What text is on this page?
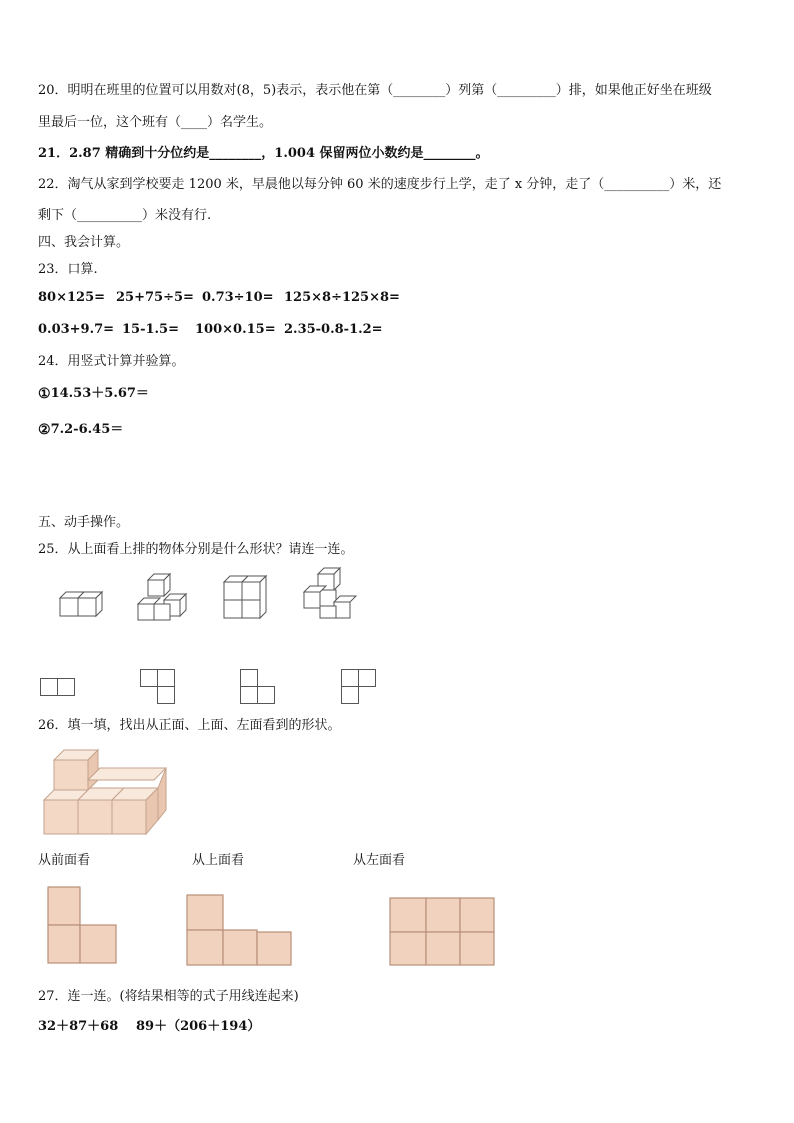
20．明明在班里的位置可以用数对(8，5)表示，表示他在第（________）列第（_________）排，如果他正好坐在班级
里最后一位，这个班有（____）名学生。
21．2.87 精确到十分位约是________，1.004 保留两位小数约是________。
22．淘气从家到学校要走 1200 米，早晨他以每分钟 60 米的速度步行上学，走了 x 分钟，走了（__________）米，还
剩下（__________）米没有行.
四、我会计算。
23．口算.
80×125= 25+75÷5= 0.73÷10= 125×8÷125×8=
0.03+9.7= 15-1.5= 100×0.15= 2.35-0.8-1.2=
24．用竖式计算并验算。
①14.53＋5.67＝
②7.2-6.45＝
五、动手操作。
25．从上面看上排的物体分别是什么形状？请连一连。
26．填一填，找出从正面、上面、左面看到的形状。
从前面看	从上面看	从左面看
27．连一连。(将结果相等的式子用线连起来)
32＋87＋68 89＋（206＋194）
